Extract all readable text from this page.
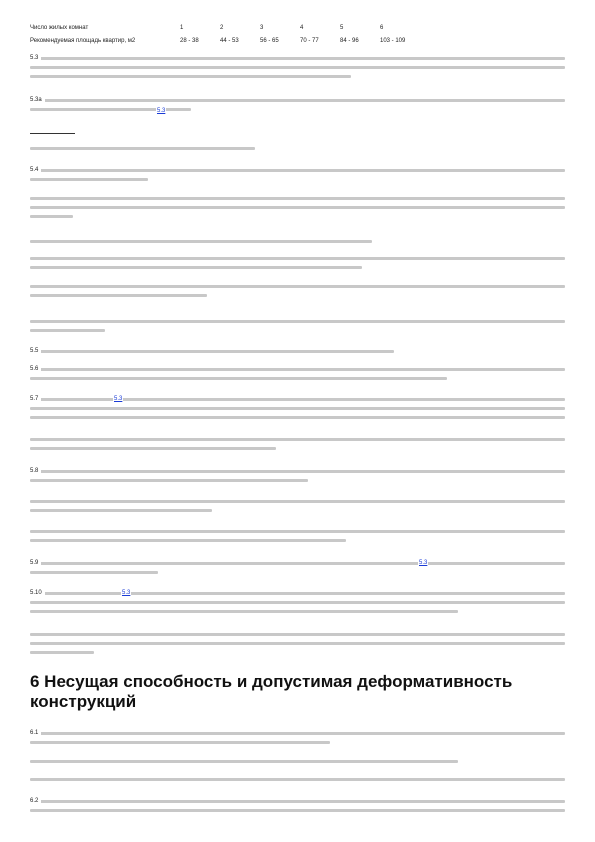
Число жилых комнат	1	2	3	4	5	6
Рекомендуемая площадь квартир, м2	28 - 38	44 - 53	56 - 65	70 - 77	84 - 96	103 - 109
5.3
5.3а
5.3
5.4
5.5
5.6
5.7	5.3
5.8
5.9	5.3
5.10	5.3
6 Несущая способность и допустимая деформативность конструкций
6.1
6.2
